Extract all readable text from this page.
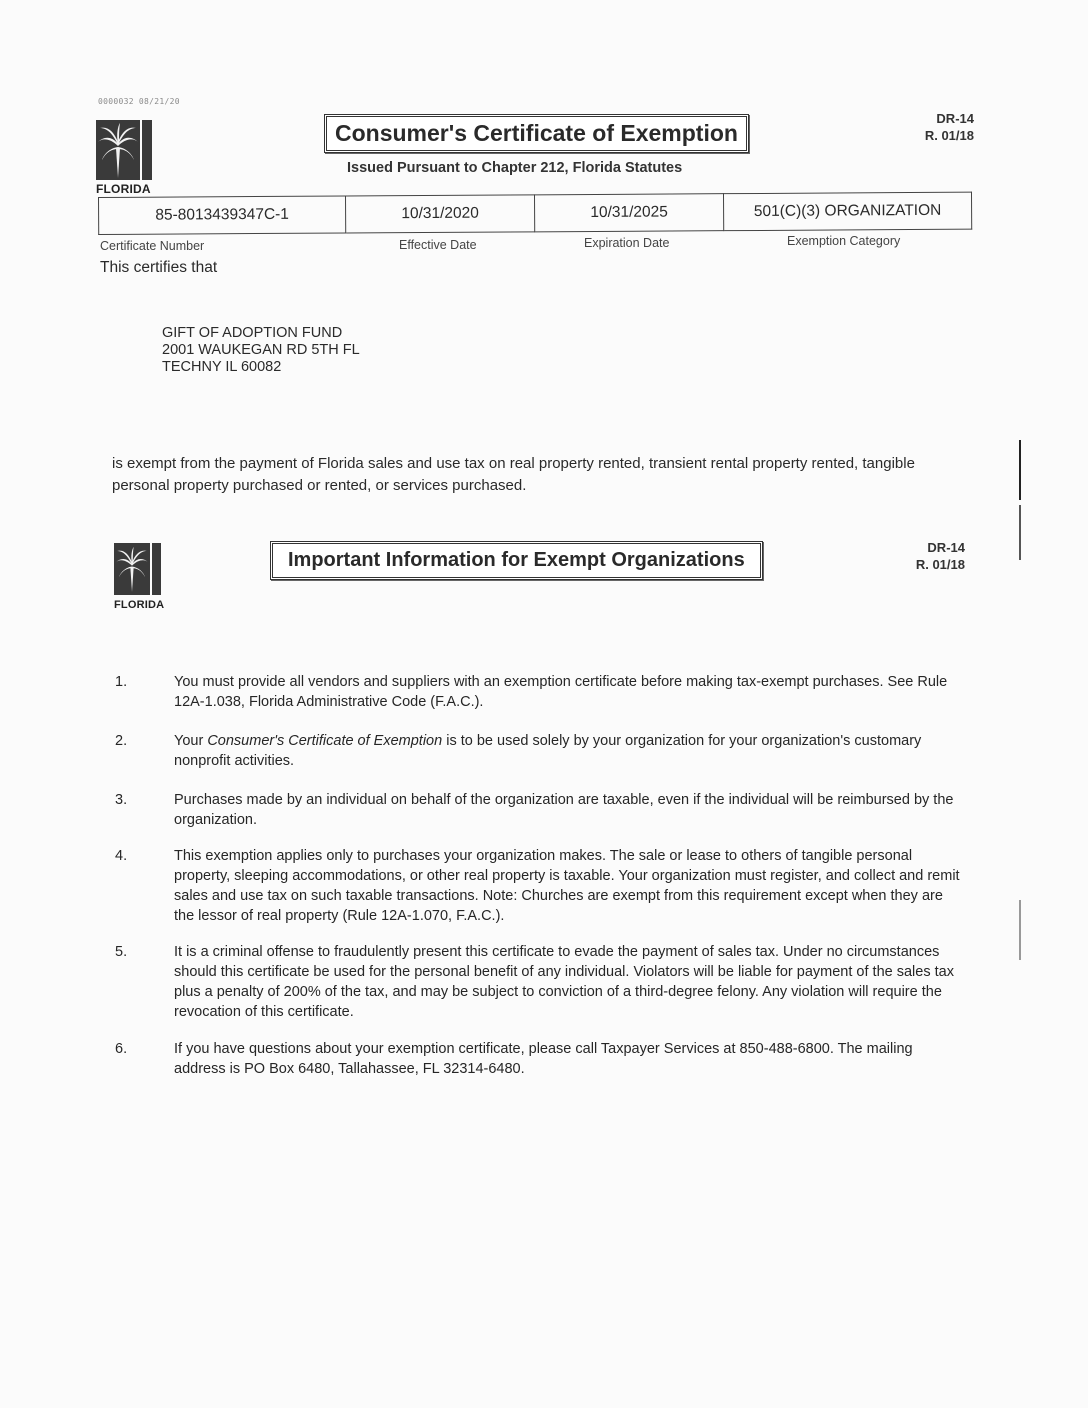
0000032 08/21/20
FLORIDA
Consumer's Certificate of Exemption
Issued Pursuant to Chapter 212, Florida Statutes
DR-14
R. 01/18
85-8013439347C-1	10/31/2020	10/31/2025	501(C)(3) ORGANIZATION
Certificate Number	Effective Date	Expiration Date	Exemption Category
This certifies that
GIFT OF ADOPTION FUND
2001 WAUKEGAN RD 5TH FL
TECHNY IL 60082
is exempt from the payment of Florida sales and use tax on real property rented, transient rental property rented, tangible
personal property purchased or rented, or services purchased.
FLORIDA
Important Information for Exempt Organizations
DR-14
R. 01/18
1.	You must provide all vendors and suppliers with an exemption certificate before making tax-exempt purchases. See Rule 12A-1.038, Florida Administrative Code (F.A.C.).
2.	Your Consumer's Certificate of Exemption is to be used solely by your organization for your organization's customary nonprofit activities.
3.	Purchases made by an individual on behalf of the organization are taxable, even if the individual will be reimbursed by the organization.
4.	This exemption applies only to purchases your organization makes. The sale or lease to others of tangible personal property, sleeping accommodations, or other real property is taxable. Your organization must register, and collect and remit sales and use tax on such taxable transactions. Note: Churches are exempt from this requirement except when they are the lessor of real property (Rule 12A-1.070, F.A.C.).
5.	It is a criminal offense to fraudulently present this certificate to evade the payment of sales tax. Under no circumstances should this certificate be used for the personal benefit of any individual. Violators will be liable for payment of the sales tax plus a penalty of 200% of the tax, and may be subject to conviction of a third-degree felony. Any violation will require the revocation of this certificate.
6.	If you have questions about your exemption certificate, please call Taxpayer Services at 850-488-6800. The mailing address is PO Box 6480, Tallahassee, FL 32314-6480.
